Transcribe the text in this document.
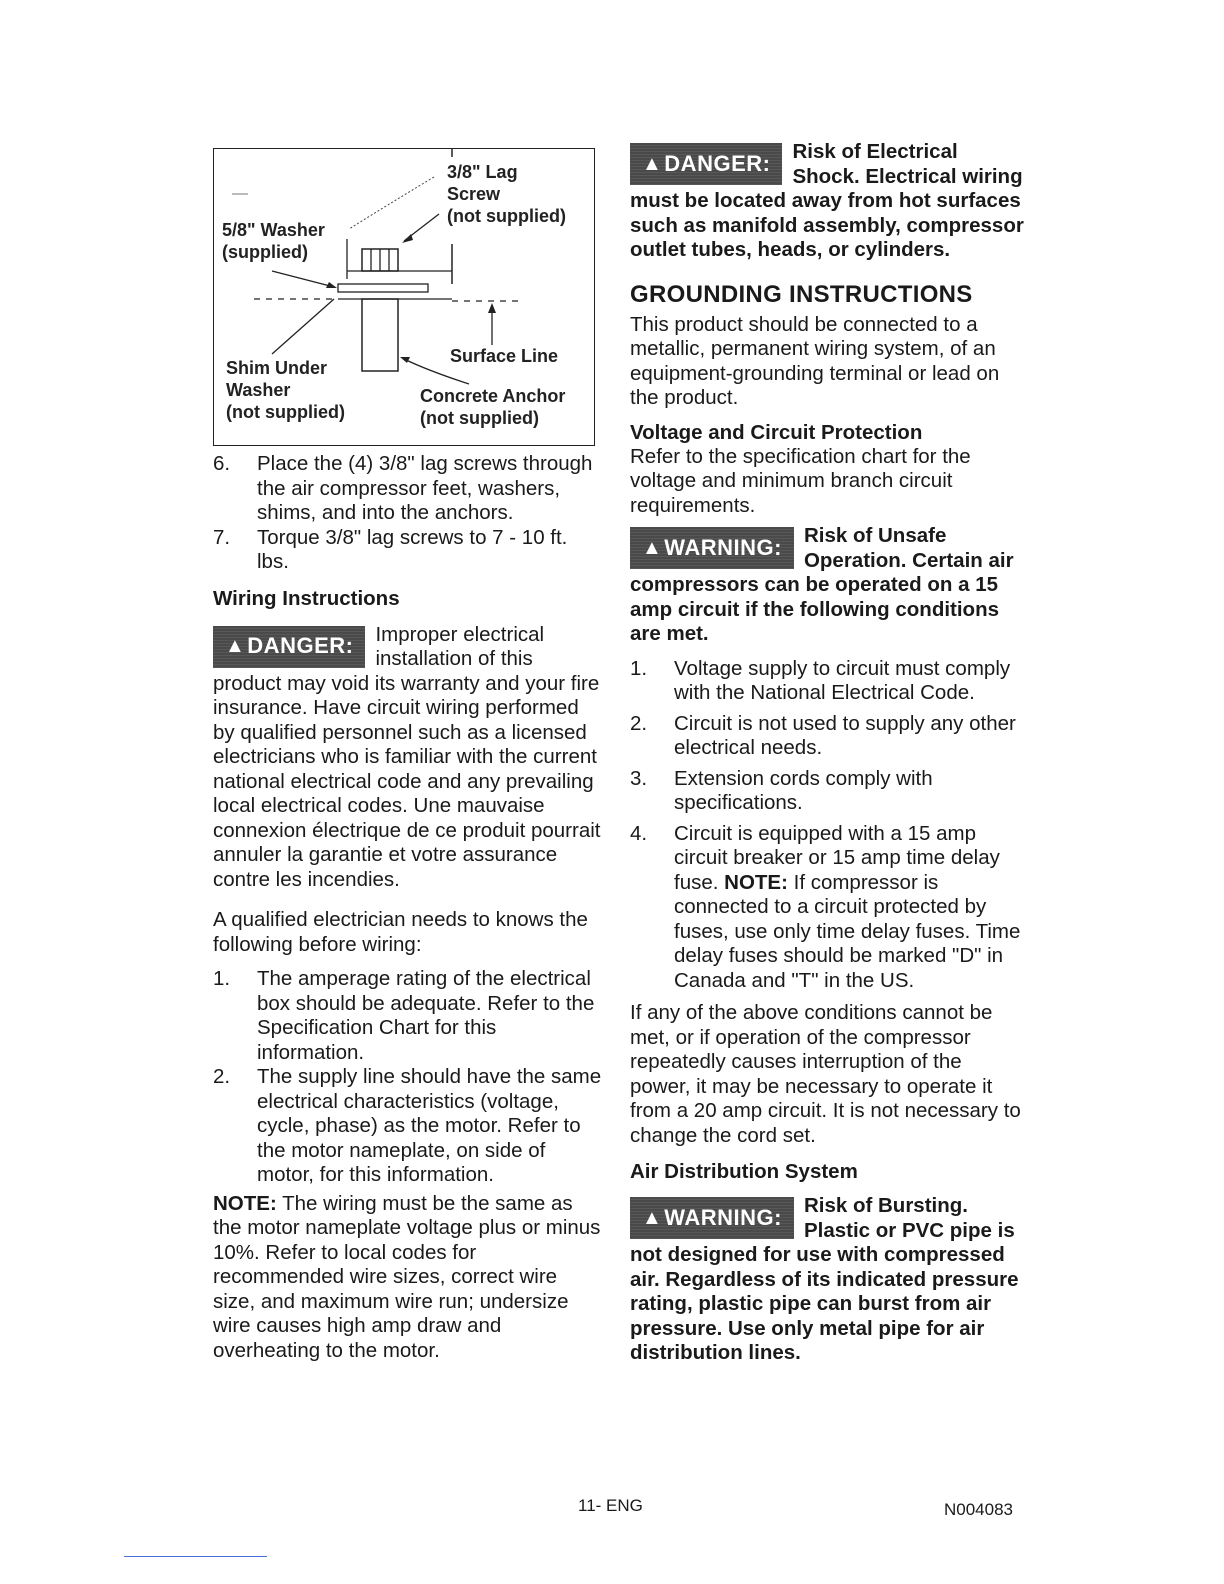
3/8" Lag
Screw
(not supplied)
5/8" Washer
(supplied)
Surface Line
Shim Under
Washer
(not supplied)
Concrete Anchor
(not supplied)
6.	Place the (4) 3/8" lag screws through the air compressor feet, washers, shims, and into the anchors.
7.	Torque 3/8" lag screws to 7 - 10 ft. lbs.
Wiring Instructions
▲ DANGER: Improper electrical installation of this product may void its warranty and your fire insurance. Have circuit wiring performed by qualified personnel such as a licensed electricians who is familiar with the current national electrical code and any prevailing local electrical codes. Une mauvaise connexion électrique de ce produit pourrait annuler la garantie et votre assurance contre les incendies.

A qualified electrician needs to knows the following before wiring:

1.	The amperage rating of the electrical box should be adequate. Refer to the Specification Chart for this information.
2.	The supply line should have the same electrical characteristics (voltage, cycle, phase) as the motor. Refer to the motor nameplate, on side of motor, for this information.

NOTE: The wiring must be the same as the motor nameplate voltage plus or minus 10%. Refer to local codes for recommended wire sizes, correct wire size, and maximum wire run; undersize wire causes high amp draw and overheating to the motor.

▲ DANGER: Risk of Electrical Shock. Electrical wiring must be located away from hot surfaces such as manifold assembly, compressor outlet tubes, heads, or cylinders.
GROUNDING INSTRUCTIONS

This product should be connected to a metallic, permanent wiring system, of an equipment-grounding terminal or lead on the product.

Voltage and Circuit Protection

Refer to the specification chart for the voltage and minimum branch circuit requirements.

▲ WARNING: Risk of Unsafe Operation. Certain air compressors can be operated on a 15 amp circuit if the following conditions are met.
1.	Voltage supply to circuit must comply with the National Electrical Code.
2.	Circuit is not used to supply any other electrical needs.
3.	Extension cords comply with specifications.
4.	Circuit is equipped with a 15 amp circuit breaker or 15 amp time delay fuse. NOTE: If compressor is connected to a circuit protected by fuses, use only time delay fuses. Time delay fuses should be marked "D" in Canada and "T" in the US.

If any of the above conditions cannot be met, or if operation of the compressor repeatedly causes interruption of the power, it may be necessary to operate it from a 20 amp circuit. It is not necessary to change the cord set.

Air Distribution System
▲ WARNING: Risk of Bursting. Plastic or PVC pipe is not designed for use with compressed air. Regardless of its indicated pressure rating, plastic pipe can burst from air pressure. Use only metal pipe for air distribution lines.
11- ENG	N004083
